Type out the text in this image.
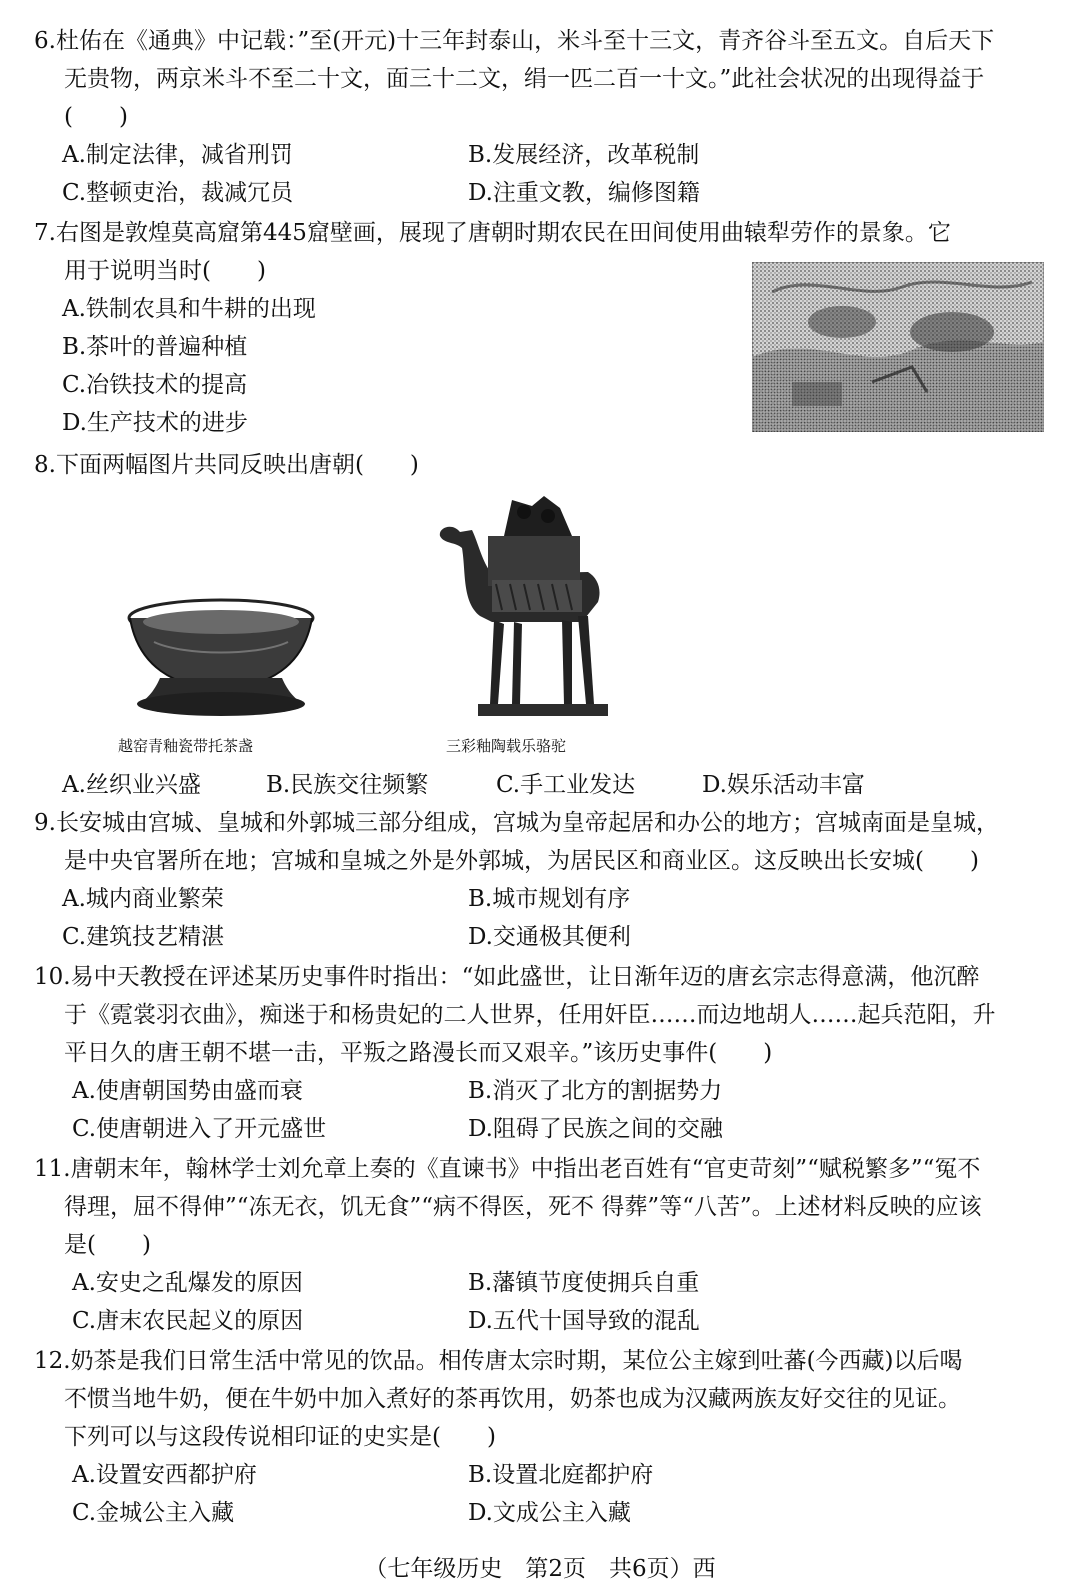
6.杜佑在《通典》中记载：”至(开元)十三年封泰山，米斗至十三文，青齐谷斗至五文。自后天下
无贵物，两京米斗不至二十文，面三十二文，绢一匹二百一十文。”此社会状况的出现得益于
(　　)
A.制定法律，减省刑罚	B.发展经济，改革税制
C.整顿吏治，裁减冗员	D.注重文教，编修图籍
7.右图是敦煌莫高窟第445窟壁画，展现了唐朝时期农民在田间使用曲辕犁劳作的景象。它
用于说明当时(　　)
A.铁制农具和牛耕的出现
B.茶叶的普遍种植
C.冶铁技术的提高
D.生产技术的进步
8.下面两幅图片共同反映出唐朝(　　)
越窑青釉瓷带托茶盏	三彩釉陶载乐骆驼
A.丝织业兴盛	B.民族交往频繁	C.手工业发达	D.娱乐活动丰富
9.长安城由宫城、皇城和外郭城三部分组成，宫城为皇帝起居和办公的地方；宫城南面是皇城，
是中央官署所在地；宫城和皇城之外是外郭城，为居民区和商业区。这反映出长安城(　　)
A.城内商业繁荣	B.城市规划有序
C.建筑技艺精湛	D.交通极其便利
10.易中天教授在评述某历史事件时指出：“如此盛世，让日渐年迈的唐玄宗志得意满，他沉醉
于《霓裳羽衣曲》，痴迷于和杨贵妃的二人世界，任用奸臣……而边地胡人……起兵范阳，升
平日久的唐王朝不堪一击，平叛之路漫长而又艰辛。”该历史事件(　　)
A.使唐朝国势由盛而衰	B.消灭了北方的割据势力
C.使唐朝进入了开元盛世	D.阻碍了民族之间的交融
11.唐朝末年，翰林学士刘允章上奏的《直谏书》中指出老百姓有“官吏苛刻”“赋税繁多”“冤不
得理，屈不得伸”“冻无衣，饥无食”“病不得医，死不 得葬”等“八苦”。上述材料反映的应该
是(　　)
A.安史之乱爆发的原因	B.藩镇节度使拥兵自重
C.唐末农民起义的原因	D.五代十国导致的混乱
12.奶茶是我们日常生活中常见的饮品。相传唐太宗时期，某位公主嫁到吐蕃(今西藏)以后喝
不惯当地牛奶，便在牛奶中加入煮好的茶再饮用，奶茶也成为汉藏两族友好交往的见证。
下列可以与这段传说相印证的史实是(　　)
A.设置安西都护府	B.设置北庭都护府
C.金城公主入藏	D.文成公主入藏
（七年级历史　第2页　共6页）西
